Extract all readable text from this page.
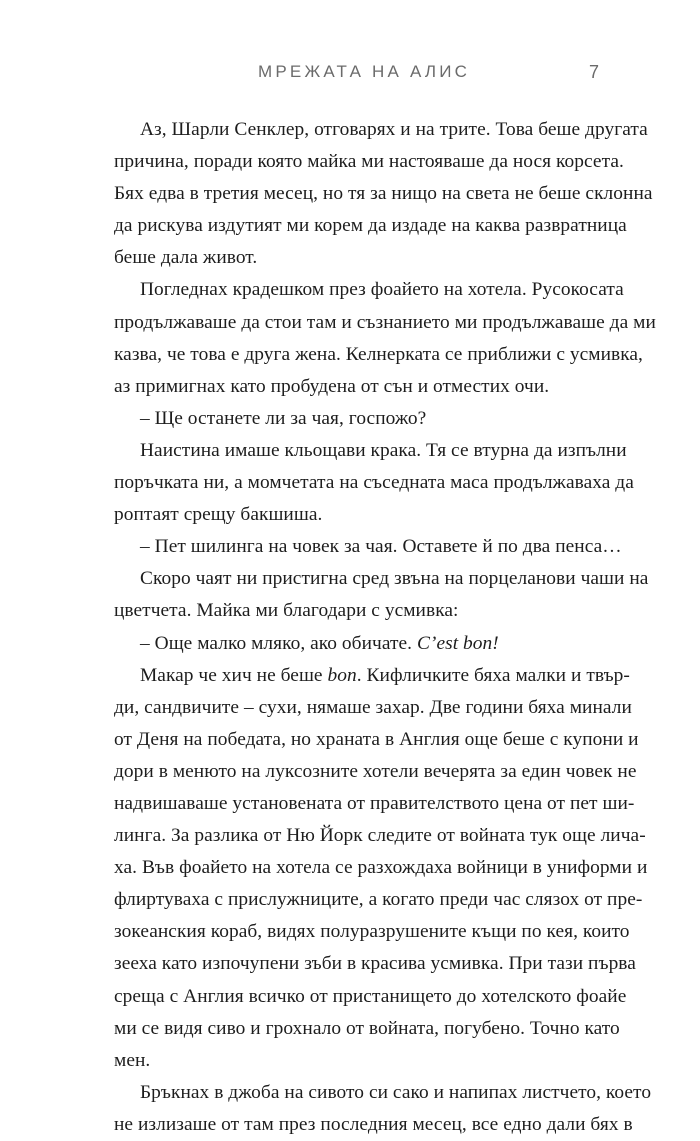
МРЕЖАТА НА АЛИС	7
Аз, Шарли Сенклер, отговарях и на трите. Това беше другата
причина, поради която майка ми настояваше да нося корсета.
Бях едва в третия месец, но тя за нищо на света не беше склонна
да рискува издутият ми корем да издаде на каква развратница
беше дала живот.
Погледнах крадешком през фоайето на хотела. Русокосата
продължаваше да стои там и съзнанието ми продължаваше да ми
казва, че това е друга жена. Келнерката се приближи с усмивка,
аз примигнах като пробудена от сън и отместих очи.
– Ще останете ли за чая, госпожо?
Наистина имаше кльощави крака. Тя се втурна да изпълни
поръчката ни, а момчетата на съседната маса продължаваха да
роптаят срещу бакшиша.
– Пет шилинга на човек за чая. Оставете й по два пенса…
Скоро чаят ни пристигна сред звъна на порцеланови чаши на
цветчета. Майка ми благодари с усмивка:
– Още малко мляко, ако обичате. C’est bon!
Макар че хич не беше bon. Кифличките бяха малки и твър-
ди, сандвичите – сухи, нямаше захар. Две години бяха минали
от Деня на победата, но храната в Англия още беше с купони и
дори в менюто на луксозните хотели вечерята за един човек не
надвишаваше установената от правителството цена от пет ши-
линга. За разлика от Ню Йорк следите от войната тук още лича-
ха. Във фоайето на хотела се разхождаха войници в униформи и
флиртуваха с прислужниците, а когато преди час слязох от пре-
зокеанския кораб, видях полуразрушените къщи по кея, които
зееха като изпочупени зъби в красива усмивка. При тази първа
среща с Англия всичко от пристанището до хотелското фоайе
ми се видя сиво и грохнало от войната, погубено. Точно като
мен.
Бръкнах в джоба на сивото си сако и напипах листчето, което
не излизаше от там през последния месец, все едно дали бях в
